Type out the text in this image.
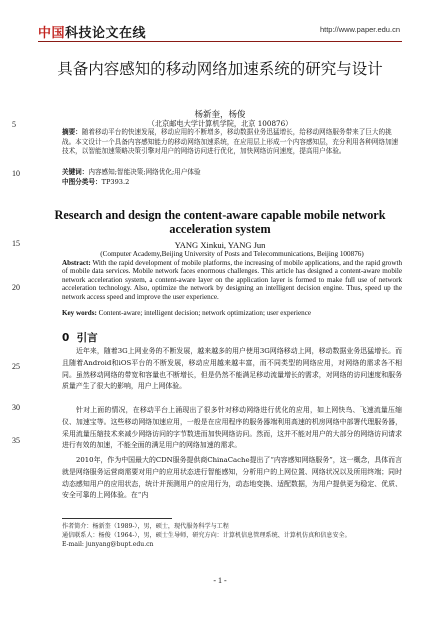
中国科技论文在线	http://www.paper.edu.cn
5
10
15
20
25
30
35
具备内容感知的移动网络加速系统的研究与设计
杨新奎，杨俊
（北京邮电大学计算机学院，北京 100876）
摘要：随着移动平台的快速发展，移动应用的不断增多，移动数据业务迅猛增长，给移动网络服务带来了巨大的挑战。本文设计一个具备内容感知能力的移动网络加速系统，在应用层上形成一个内容感知层，充分利用各种网络加速技术，以智能加速策略决策引擎对用户的网络访问进行优化，加快网络访问速度，提高用户体验。
关键词：内容感知;智能决策;网络优化;用户体验
中图分类号：TP393.2
Research and design the content-aware capable mobile network acceleration system
YANG Xinkui, YANG Jun
(Computer Academy,Beijing University of Posts and Telecommunications, Beijing 100876)
Abstract: With the rapid development of mobile platforms, the increasing of mobile applications, and the rapid growth of mobile data services. Mobile network faces enormous challenges. This article has designed a content-aware mobile network acceleration system, a content-aware layer on the application layer is formed to make full use of network acceleration technology. Also, optimize the network by designing an intelligent decision engine. Thus, speed up the network access speed and improve the user experience.
Key words: Content-aware; intelligent decision; network optimization; user experience
0 引言
近年来，随着3G上网业务的不断发展，越来越多的用户使用3G网络移动上网，移动数据业务迅猛增长。而且随着Android和iOS平台的不断发展，移动应用越来越丰富，而不同类型的网络应用，对网络的需求各不相同。虽然移动网络的带宽和容量也不断增长，但是仍然不能满足移动流量增长的需求，对网络的访问速度和服务质量产生了很大的影响，用户上网体验。
针对上面的情况，在移动平台上涌现出了很多针对移动网络进行优化的应用，如上网快鸟、飞速流量压缩仪、加速宝等。这些移动网络加速应用，一般是在应用程序的服务器端利用高速的机房网络中部署代理服务器，采用流量压缩技术来减少网络访问的字节数进而加快网络访问。然而，这并不能对用户的大部分的网络访问请求进行有效的加速，不能全面的满足用户的网络加速的需求。
2010年，作为中国最大的CDN服务提供商ChinaCache提出了“内容感知网络服务”，这一概念，具体而言就是网络服务运营商需要对用户的应用状态进行智能感知，分析用户的上网位置、网络状况以及所用终端；同时动态感知用户的应用状态，统计并预测用户的应用行为，动态地变换、适配数据，为用户提供更为稳定、优质、安全可靠的上网体验。在“内
作者简介：杨新奎（1989-），男，硕士，现代服务科学与工程
通信联系人：杨俊（1964-），男，硕士生导师，研究方向：计算机信息管理系统、计算机仿真和信息安全。
E-mail: junyang@bupt.edu.cn
- 1 -
